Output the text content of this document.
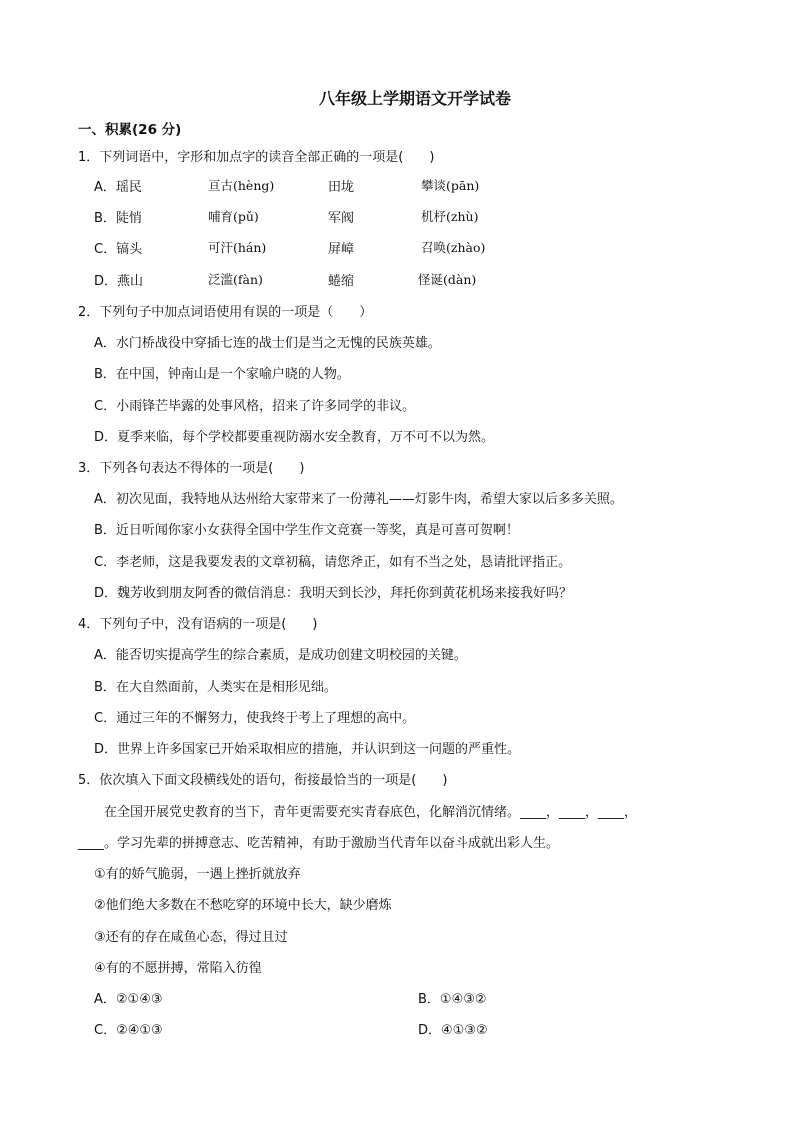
八年级上学期语文开学试卷
一、积累(26 分)
1．下列词语中，字形和加点字的读音全部正确的一项是(　　)
A．瑶民	亘古(hèng)	田垅	攀谈(pān)
B．陡悄	哺育(pǔ)	军阀	机杼(zhù)
C．镐头	可汗(hán)	屏嶂	召唤(zhào)
D．燕山	泛滥(fàn)	蜷缩	怪诞(dàn)
2．下列句子中加点词语使用有误的一项是（　　）
A．水门桥战役中穿插七连的战士们是当之无愧的民族英雄。
B．在中国，钟南山是一个家喻户晓的人物。
C．小雨锋芒毕露的处事风格，招来了许多同学的非议。
D．夏季来临，每个学校都要重视防溺水安全教育，万不可不以为然。
3．下列各句表达不得体的一项是(　　)
A．初次见面，我特地从达州给大家带来了一份薄礼——灯影牛肉，希望大家以后多多关照。
B．近日听闻你家小女获得全国中学生作文竞赛一等奖，真是可喜可贺啊！
C．李老师，这是我要发表的文章初稿，请您斧正，如有不当之处，恳请批评指正。
D．魏芳收到朋友阿香的微信消息：我明天到长沙，拜托你到黄花机场来接我好吗？
4．下列句子中，没有语病的一项是(　　)
A．能否切实提高学生的综合素质，是成功创建文明校园的关键。
B．在大自然面前，人类实在是相形见绌。
C．通过三年的不懈努力，使我终于考上了理想的高中。
D．世界上许多国家已开始采取相应的措施，并认识到这一问题的严重性。
5．依次填入下面文段横线处的语句，衔接最恰当的一项是(　　)
在全国开展党史教育的当下，青年更需要充实青春底色，化解消沉情绪。____，____，____，
____。学习先辈的拼搏意志、吃苦精神，有助于激励当代青年以奋斗成就出彩人生。
①有的娇气脆弱，一遇上挫折就放弃
②他们绝大多数在不愁吃穿的环境中长大，缺少磨炼
③还有的存在咸鱼心态，得过且过
④有的不愿拼搏，常陷入彷徨
A．②①④③	B．①④③②
C．②④①③	D．④①③②
